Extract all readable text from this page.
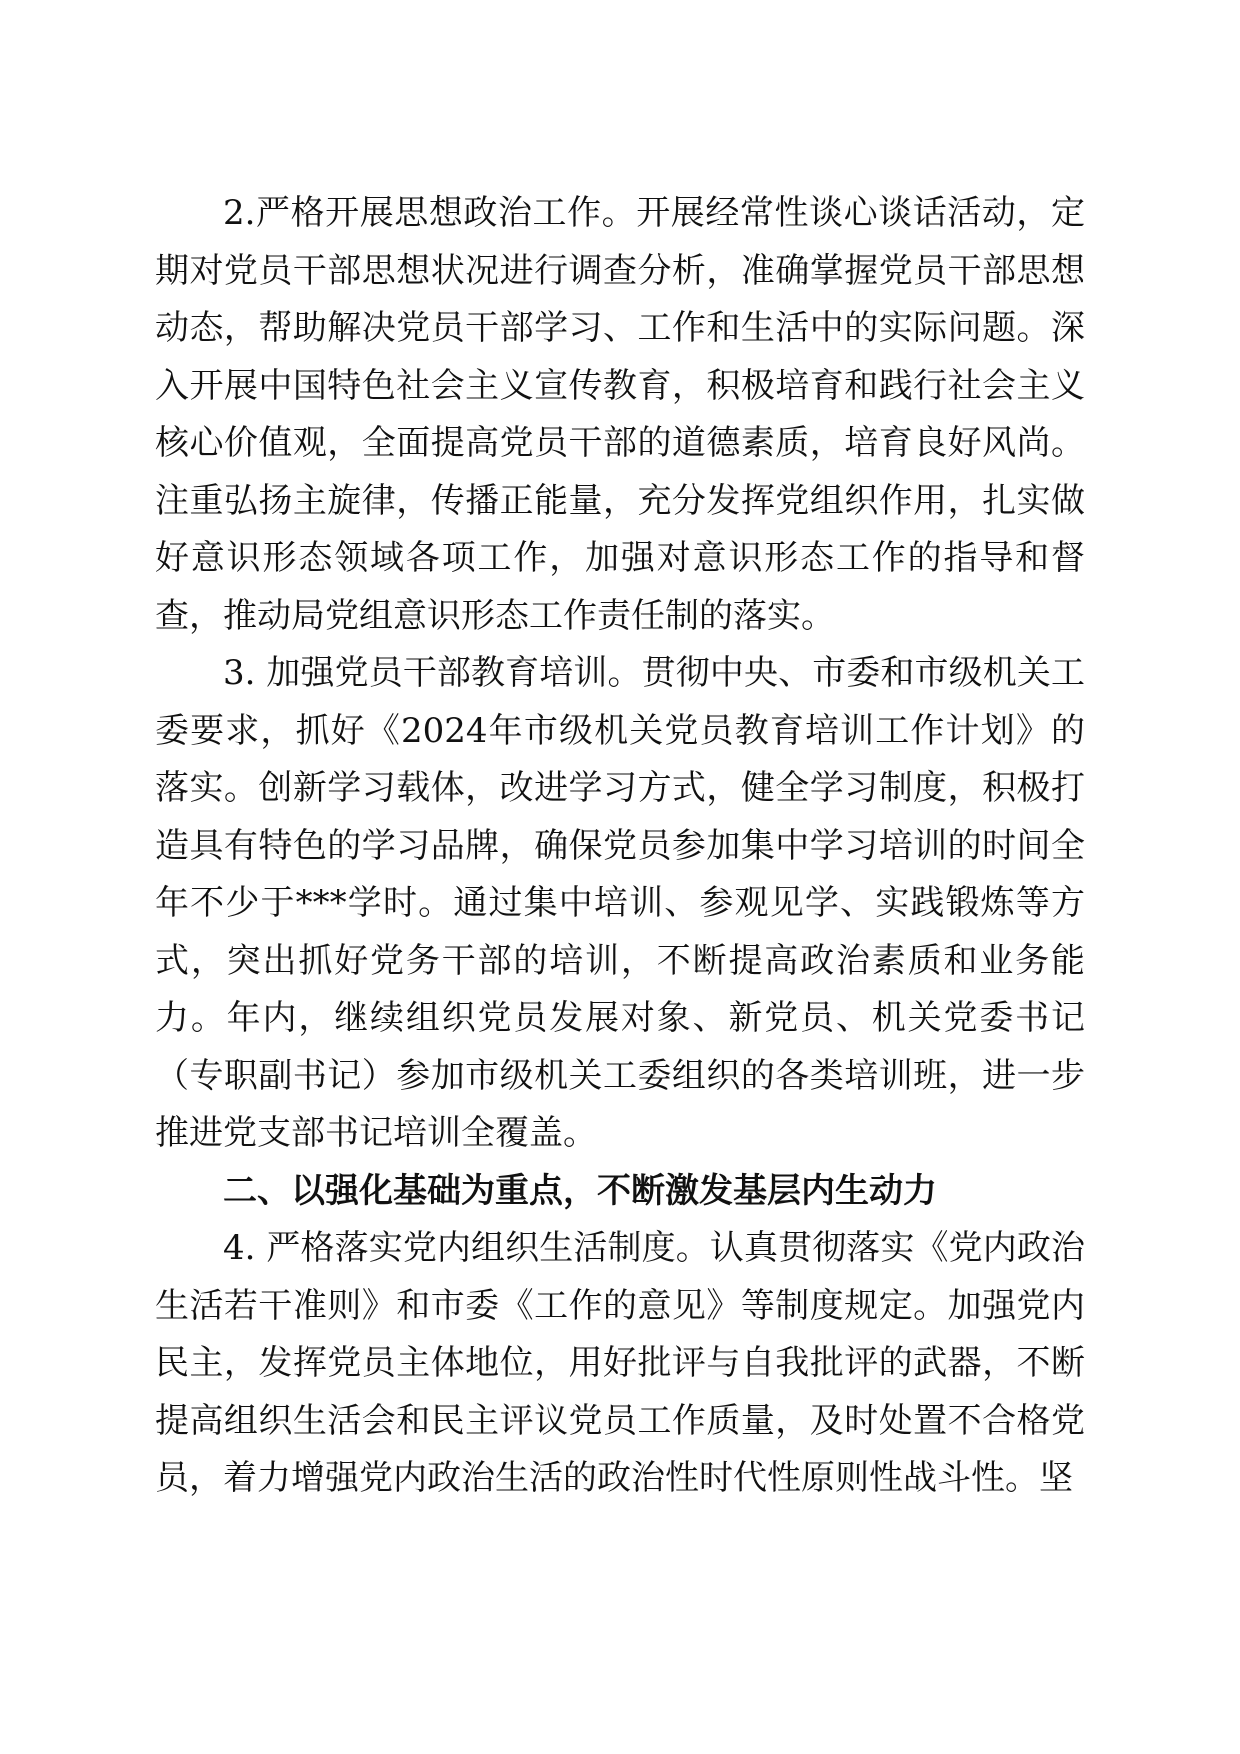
2.严格开展思想政治工作。开展经常性谈心谈话活动，定期对党员干部思想状况进行调查分析，准确掌握党员干部思想动态，帮助解决党员干部学习、工作和生活中的实际问题。深入开展中国特色社会主义宣传教育，积极培育和践行社会主义核心价值观，全面提高党员干部的道德素质，培育良好风尚。注重弘扬主旋律，传播正能量，充分发挥党组织作用，扎实做好意识形态领域各项工作，加强对意识形态工作的指导和督查，推动局党组意识形态工作责任制的落实。

3. 加强党员干部教育培训。贯彻中央、市委和市级机关工委要求，抓好《2024年市级机关党员教育培训工作计划》的落实。创新学习载体，改进学习方式，健全学习制度，积极打造具有特色的学习品牌，确保党员参加集中学习培训的时间全年不少于***学时。通过集中培训、参观见学、实践锻炼等方式，突出抓好党务干部的培训，不断提高政治素质和业务能力。年内，继续组织党员发展对象、新党员、机关党委书记（专职副书记）参加市级机关工委组织的各类培训班，进一步推进党支部书记培训全覆盖。

二、以强化基础为重点，不断激发基层内生动力

4. 严格落实党内组织生活制度。认真贯彻落实《党内政治生活若干准则》和市委《工作的意见》等制度规定。加强党内民主，发挥党员主体地位，用好批评与自我批评的武器，不断提高组织生活会和民主评议党员工作质量，及时处置不合格党员，着力增强党内政治生活的政治性时代性原则性战斗性。坚
